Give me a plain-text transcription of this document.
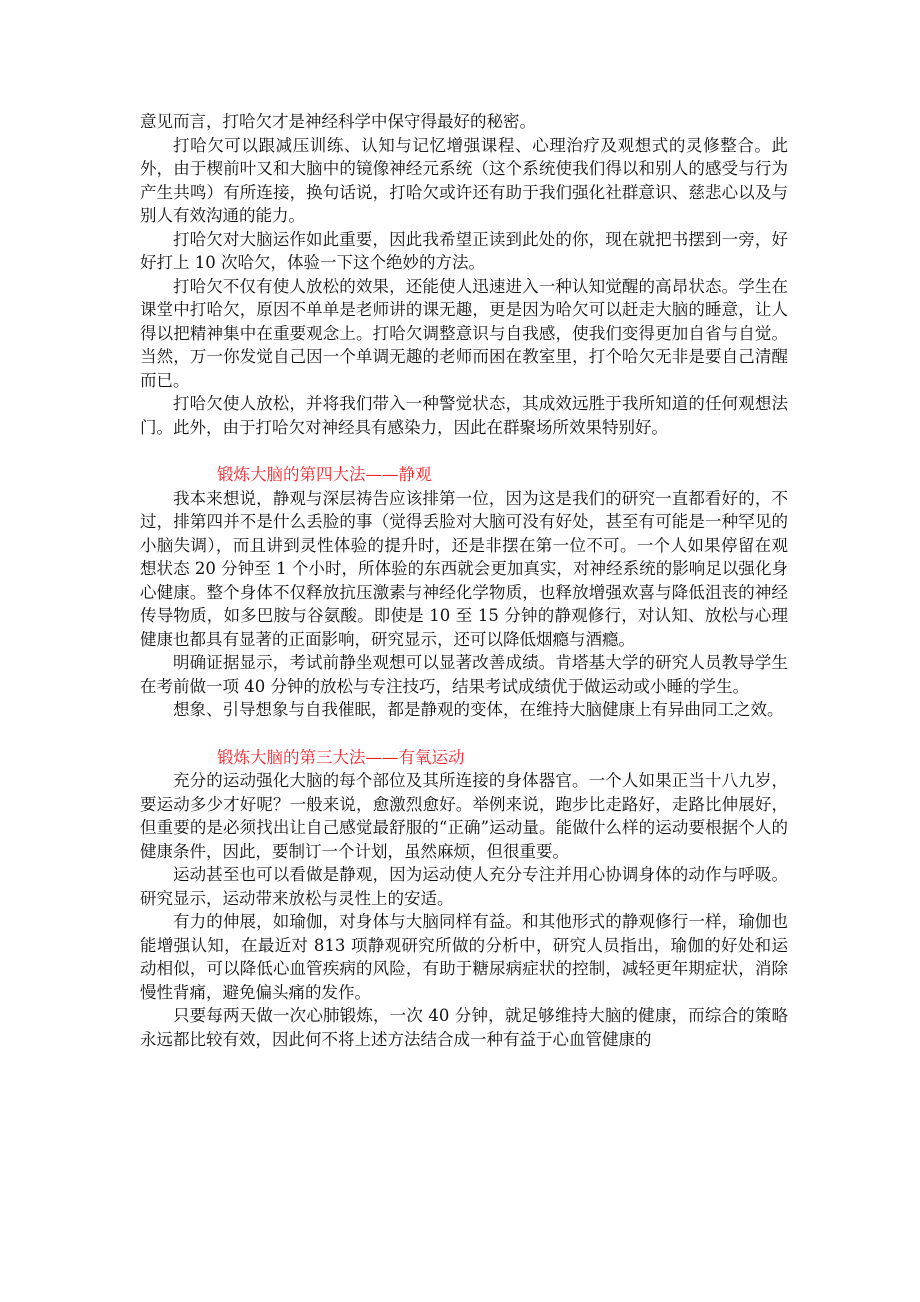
意见而言，打哈欠才是神经科学中保守得最好的秘密。

打哈欠可以跟减压训练、认知与记忆增强课程、心理治疗及观想式的灵修整合。此外，由于楔前叶又和大脑中的镜像神经元系统（这个系统使我们得以和别人的感受与行为产生共鸣）有所连接，换句话说，打哈欠或许还有助于我们强化社群意识、慈悲心以及与别人有效沟通的能力。

打哈欠对大脑运作如此重要，因此我希望正读到此处的你，现在就把书摆到一旁，好好打上 10 次哈欠，体验一下这个绝妙的方法。

打哈欠不仅有使人放松的效果，还能使人迅速进入一种认知觉醒的高昂状态。学生在课堂中打哈欠，原因不单单是老师讲的课无趣，更是因为哈欠可以赶走大脑的睡意，让人得以把精神集中在重要观念上。打哈欠调整意识与自我感，使我们变得更加自省与自觉。当然，万一你发觉自己因一个单调无趣的老师而困在教室里，打个哈欠无非是要自己清醒而已。

打哈欠使人放松，并将我们带入一种警觉状态，其成效远胜于我所知道的任何观想法门。此外，由于打哈欠对神经具有感染力，因此在群聚场所效果特别好。

锻炼大脑的第四大法——静观

我本来想说，静观与深层祷告应该排第一位，因为这是我们的研究一直都看好的，不过，排第四并不是什么丢脸的事（觉得丢脸对大脑可没有好处，甚至有可能是一种罕见的小脑失调），而且讲到灵性体验的提升时，还是非摆在第一位不可。一个人如果停留在观想状态 20 分钟至 1 个小时，所体验的东西就会更加真实，对神经系统的影响足以强化身心健康。整个身体不仅释放抗压激素与神经化学物质，也释放增强欢喜与降低沮丧的神经传导物质，如多巴胺与谷氨酸。即使是 10 至 15 分钟的静观修行，对认知、放松与心理健康也都具有显著的正面影响，研究显示，还可以降低烟瘾与酒瘾。

明确证据显示，考试前静坐观想可以显著改善成绩。肯塔基大学的研究人员教导学生在考前做一项 40 分钟的放松与专注技巧，结果考试成绩优于做运动或小睡的学生。

想象、引导想象与自我催眠，都是静观的变体，在维持大脑健康上有异曲同工之效。

锻炼大脑的第三大法——有氧运动

充分的运动强化大脑的每个部位及其所连接的身体器官。一个人如果正当十八九岁，要运动多少才好呢？一般来说，愈激烈愈好。举例来说，跑步比走路好，走路比伸展好，但重要的是必须找出让自己感觉最舒服的“正确”运动量。能做什么样的运动要根据个人的健康条件，因此，要制订一个计划，虽然麻烦，但很重要。

运动甚至也可以看做是静观，因为运动使人充分专注并用心协调身体的动作与呼吸。研究显示，运动带来放松与灵性上的安适。

有力的伸展，如瑜伽，对身体与大脑同样有益。和其他形式的静观修行一样，瑜伽也能增强认知，在最近对 813 项静观研究所做的分析中，研究人员指出，瑜伽的好处和运动相似，可以降低心血管疾病的风险，有助于糖尿病症状的控制，减轻更年期症状，消除慢性背痛，避免偏头痛的发作。

只要每两天做一次心肺锻炼，一次 40 分钟，就足够维持大脑的健康，而综合的策略永远都比较有效，因此何不将上述方法结合成一种有益于心血管健康的
